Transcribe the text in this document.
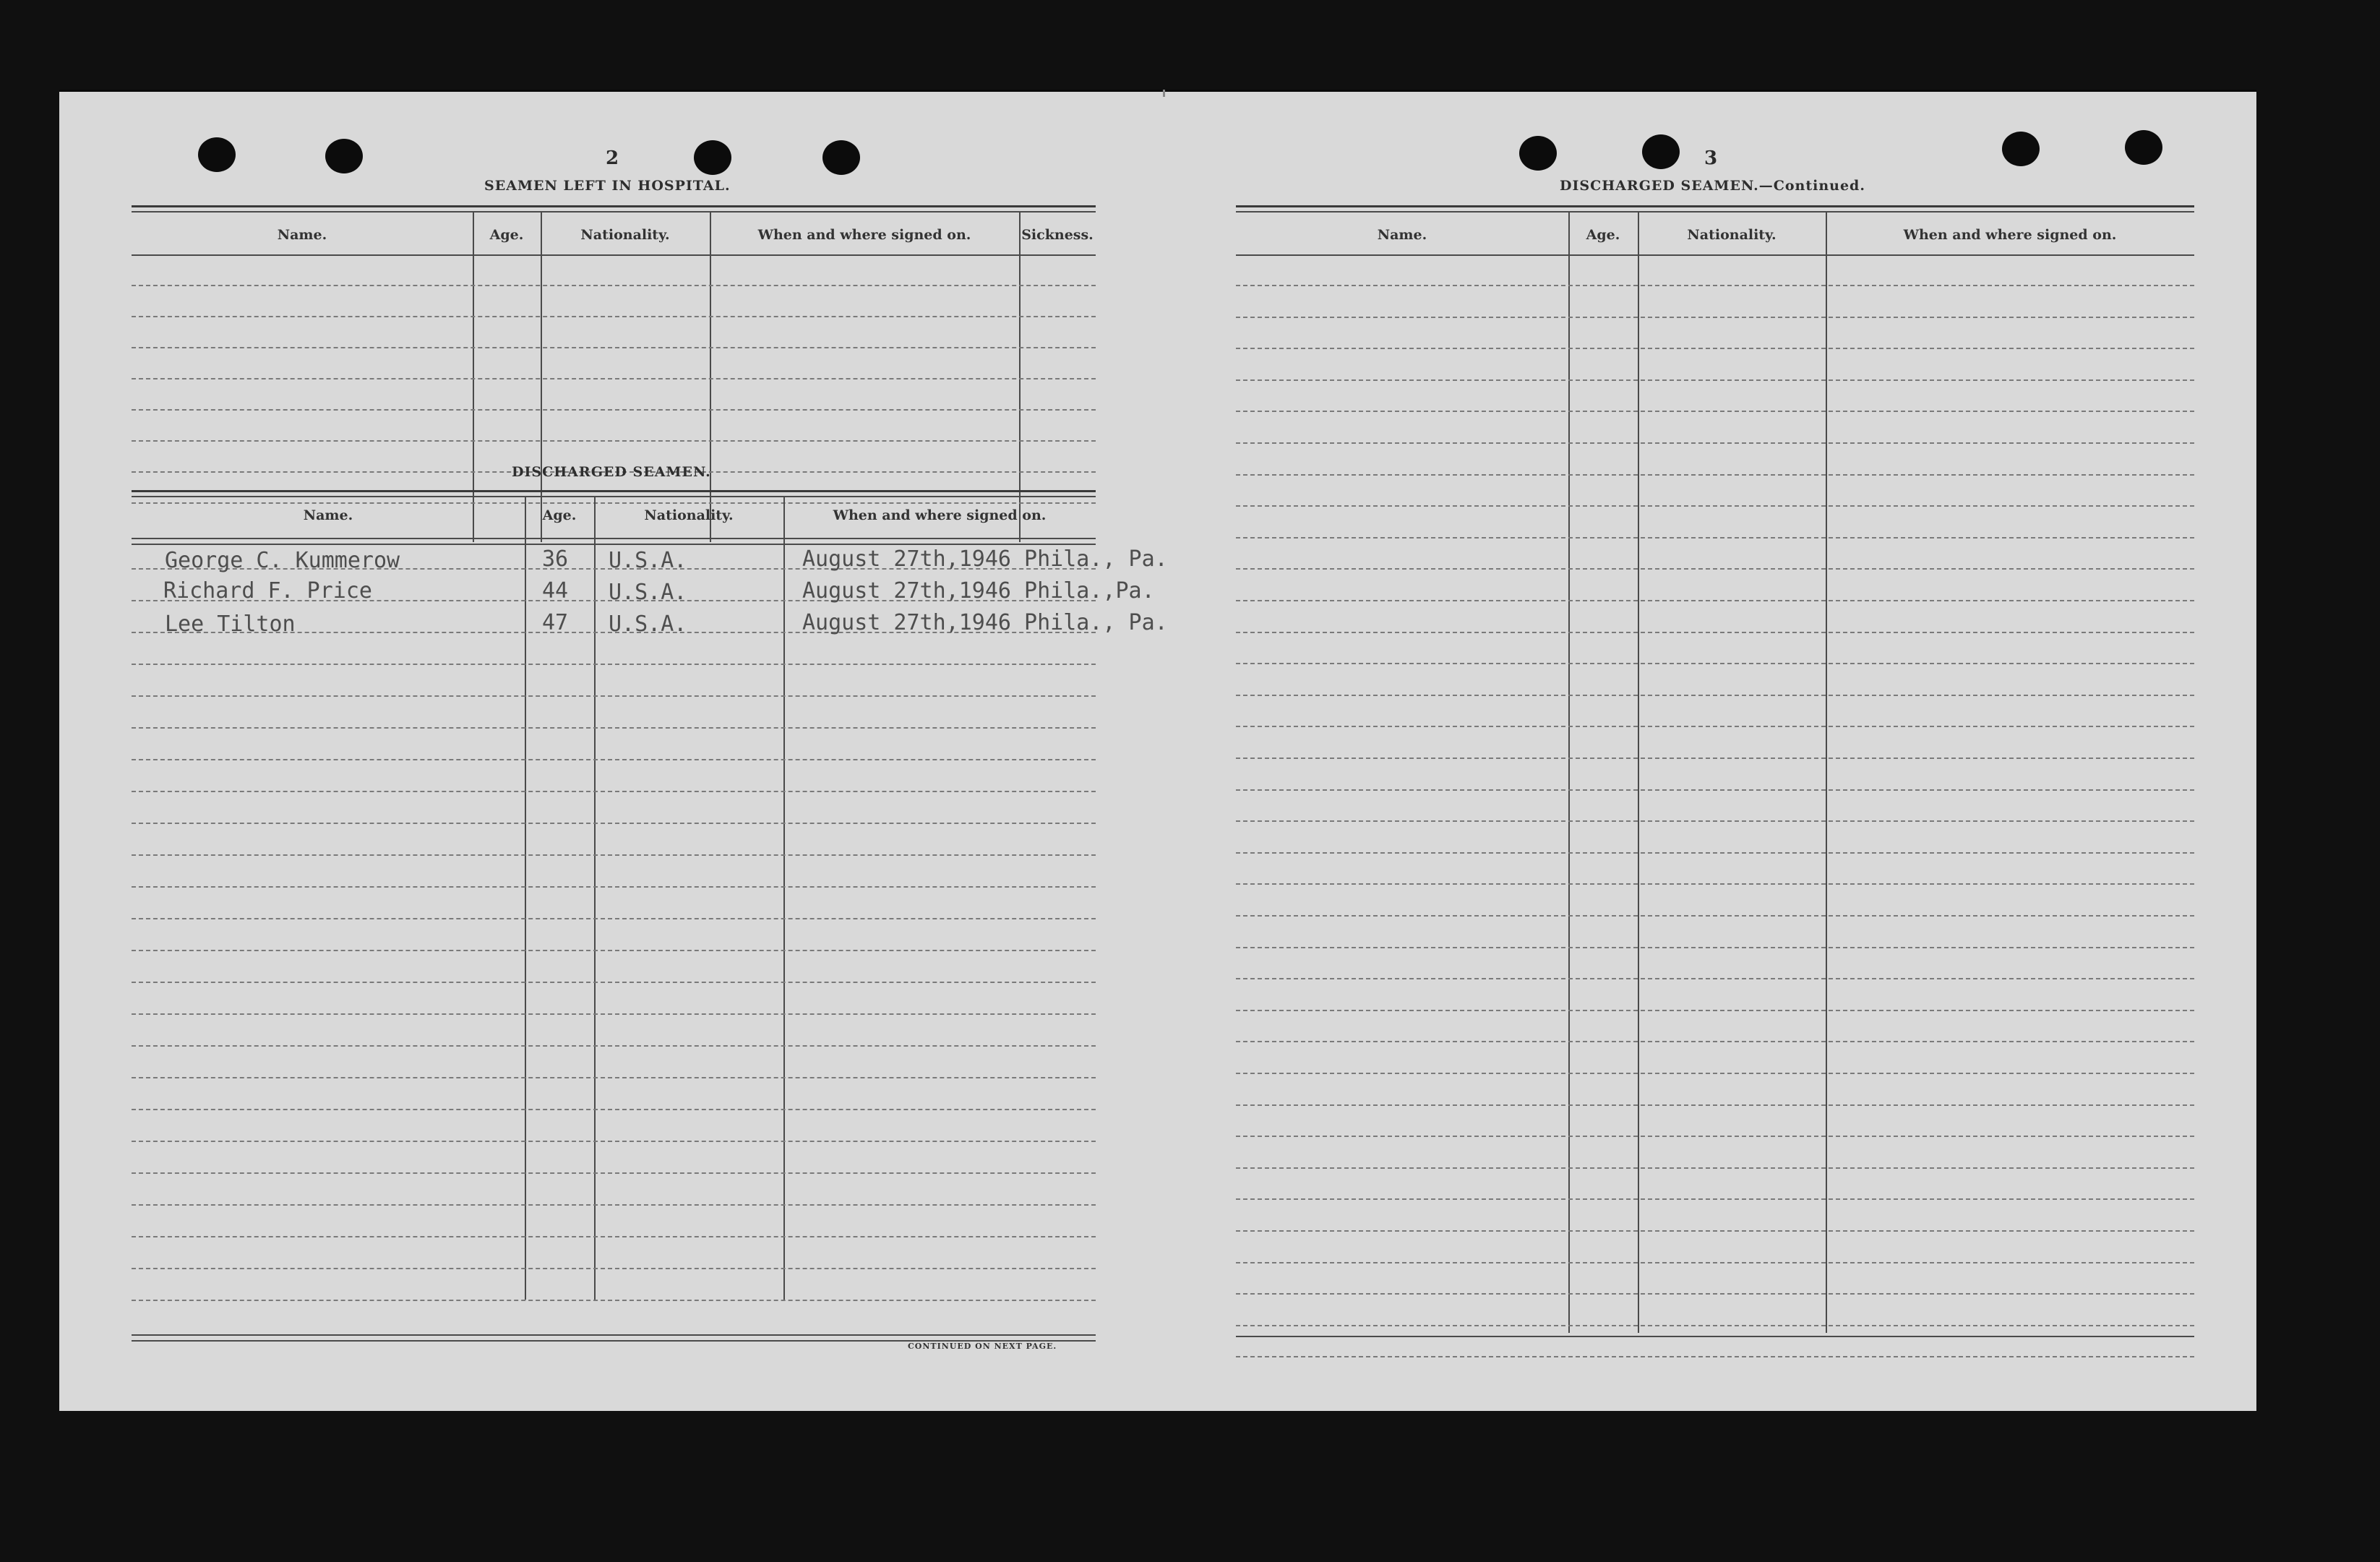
2
SEAMEN LEFT IN HOSPITAL.
Name.	Age.	Nationality.	When and where signed on.	Sickness.
DISCHARGED SEAMEN.
Name.	Age.	Nationality.	When and where signed on.
George C. Kummerow	36 U.S.A.	August 27th,1946 Phila., Pa.
Richard F. Price	44 U.S.A.	August 27th,1946 Phila.,Pa.
Lee Tilton	47 U.S.A.	August 27th,1946 Phila., Pa.
CONTINUED ON NEXT PAGE.
3
DISCHARGED SEAMEN.—Continued.
Name.	Age.	Nationality.	When and where signed on.
